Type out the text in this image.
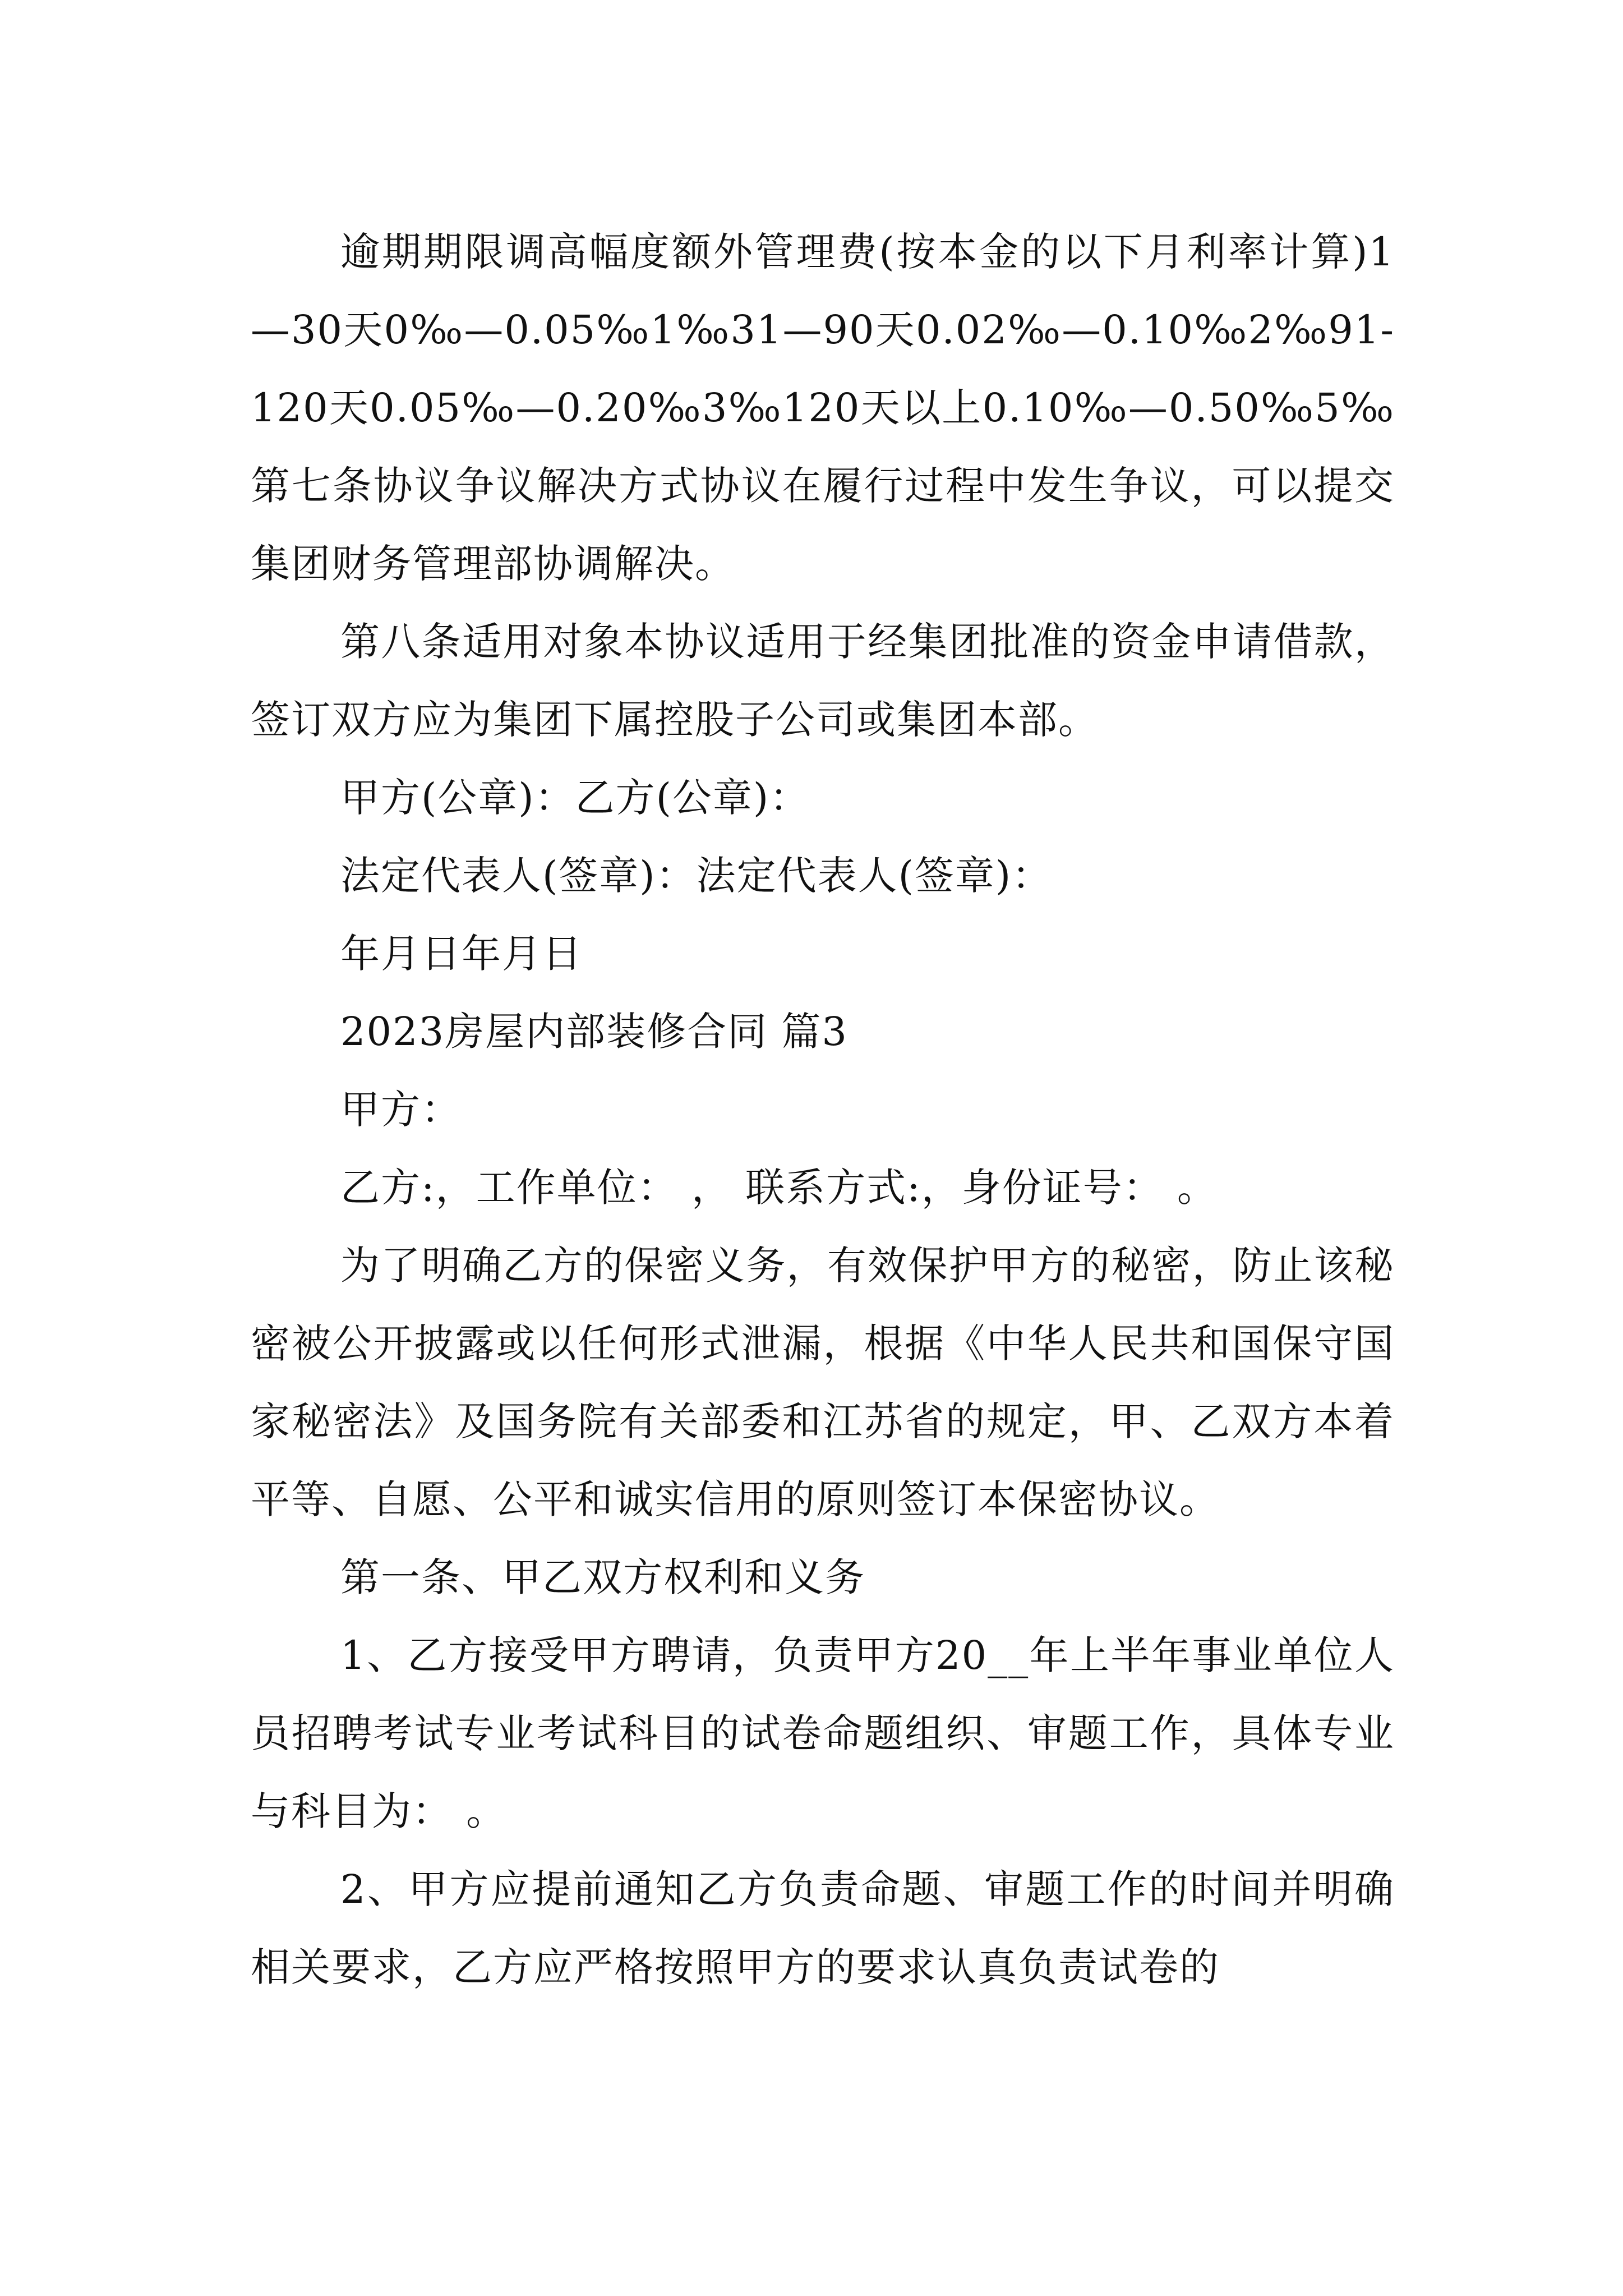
逾期期限调高幅度额外管理费(按本金的以下月利率计算)1—30天0‰—0.05‰1‰31—90天0.02‰—0.10‰2‰91-120天0.05‰—0.20‰3‰120天以上0.10‰—0.50‰5‰第七条协议争议解决方式协议在履行过程中发生争议，可以提交集团财务管理部协调解决。

第八条适用对象本协议适用于经集团批准的资金申请借款，签订双方应为集团下属控股子公司或集团本部。

甲方(公章)：乙方(公章)：

法定代表人(签章)：法定代表人(签章)：

年月日年月日

2023房屋内部装修合同 篇3

甲方：

乙方:，工作单位： ， 联系方式:，身份证号： 。

为了明确乙方的保密义务，有效保护甲方的秘密，防止该秘密被公开披露或以任何形式泄漏，根据《中华人民共和国保守国家秘密法》及国务院有关部委和江苏省的规定，甲、乙双方本着平等、自愿、公平和诚实信用的原则签订本保密协议。

第一条、甲乙双方权利和义务

1、乙方接受甲方聘请，负责甲方20__年上半年事业单位人员招聘考试专业考试科目的试卷命题组织、审题工作，具体专业与科目为： 。

2、甲方应提前通知乙方负责命题、审题工作的时间并明确相关要求，乙方应严格按照甲方的要求认真负责试卷的
